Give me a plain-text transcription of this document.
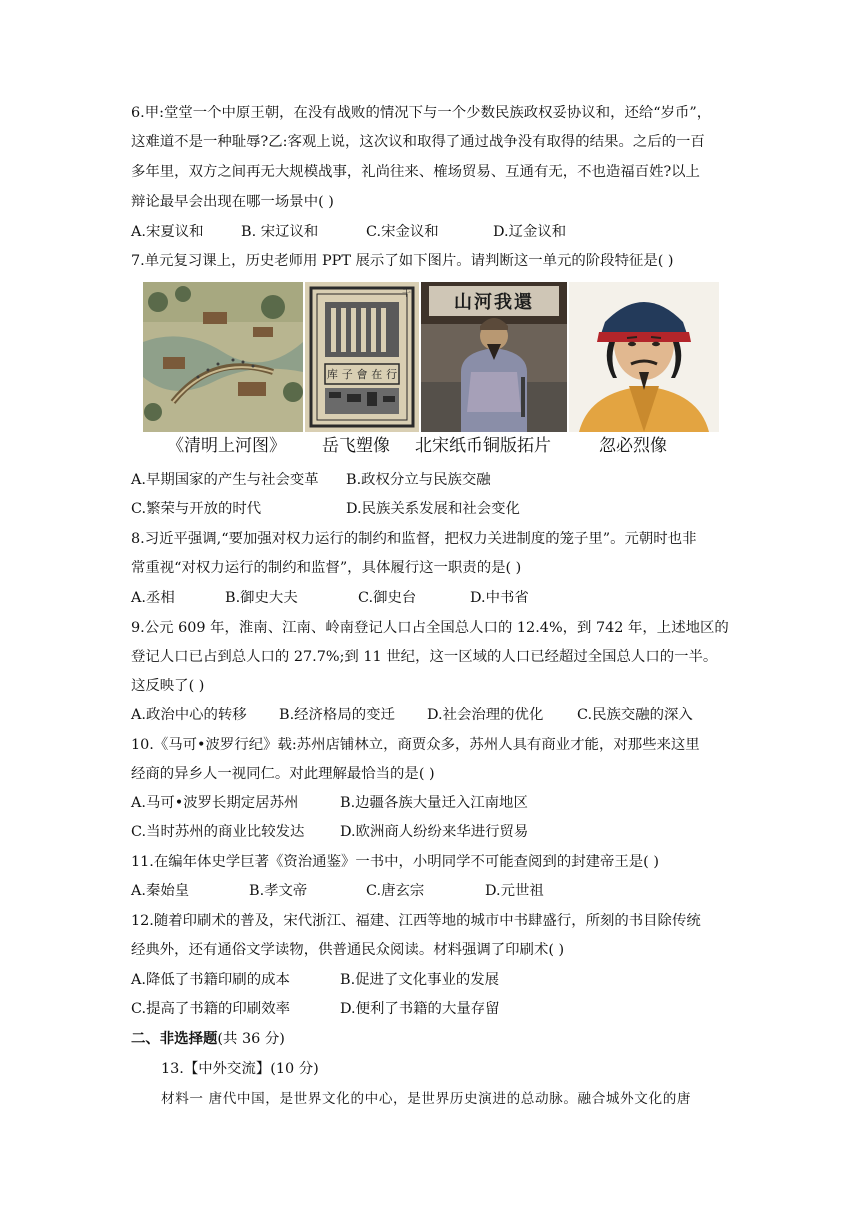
6.甲:堂堂一个中原王朝，在没有战败的情况下与一个少数民族政权妥协议和，还给“岁币”，
这难道不是一种耻辱?乙:客观上说，这次议和取得了通过战争没有取得的结果。之后的一百
多年里，双方之间再无大规模战事，礼尚往来、榷场贸易、互通有无，不也造福百姓?以上
辩论最早会出现在哪一场景中( )
A.宋夏议和	B. 宋辽议和	C.宋金议和	D.辽金议和
7.单元复习课上，历史老师用 PPT 展示了如下图片。请判断这一单元的阶段特征是( )
库 子 會 在 行
千	山河我還
《清明上河图》 岳飞塑像 北宋纸币铜版拓片	忽必烈像
A.早期国家的产生与社会变革 B.政权分立与民族交融
C.繁荣与开放的时代	D.民族关系发展和社会变化
8.习近平强调,“要加强对权力运行的制约和监督，把权力关进制度的笼子里”。元朝时也非
常重视“对权力运行的制约和监督”，具体履行这一职责的是( )
A.丞相	B.御史大夫	C.御史台	D.中书省
9.公元 609 年，淮南、江南、岭南登记人口占全国总人口的 12.4%，到 742 年，上述地区的
登记人口已占到总人口的 27.7%;到 11 世纪，这一区域的人口已经超过全国总人口的一半。
这反映了( )
A.政治中心的转移 B.经济格局的变迁 D.社会治理的优化 C.民族交融的深入
10.《马可•波罗行纪》载:苏州店铺林立，商贾众多，苏州人具有商业才能，对那些来这里
经商的异乡人一视同仁。对此理解最恰当的是( )
A.马可•波罗长期定居苏州	B.边疆各族大量迁入江南地区
C.当时苏州的商业比较发达 D.欧洲商人纷纷来华进行贸易
11.在编年体史学巨著《资治通鉴》一书中，小明同学不可能查阅到的封建帝王是( )
A.秦始皇	B.孝文帝	C.唐玄宗	D.元世祖
12.随着印刷术的普及，宋代浙江、福建、江西等地的城市中书肆盛行，所刻的书目除传统
经典外，还有通俗文学读物，供普通民众阅读。材料强调了印刷术( )
A.降低了书籍印刷的成本	B.促进了文化事业的发展
C.提高了书籍的印刷效率	D.便利了书籍的大量存留
二、非选择题(共 36 分)
13.【中外交流】(10 分)
材料一 唐代中国，是世界文化的中心，是世界历史演进的总动脉。融合城外文化的唐
